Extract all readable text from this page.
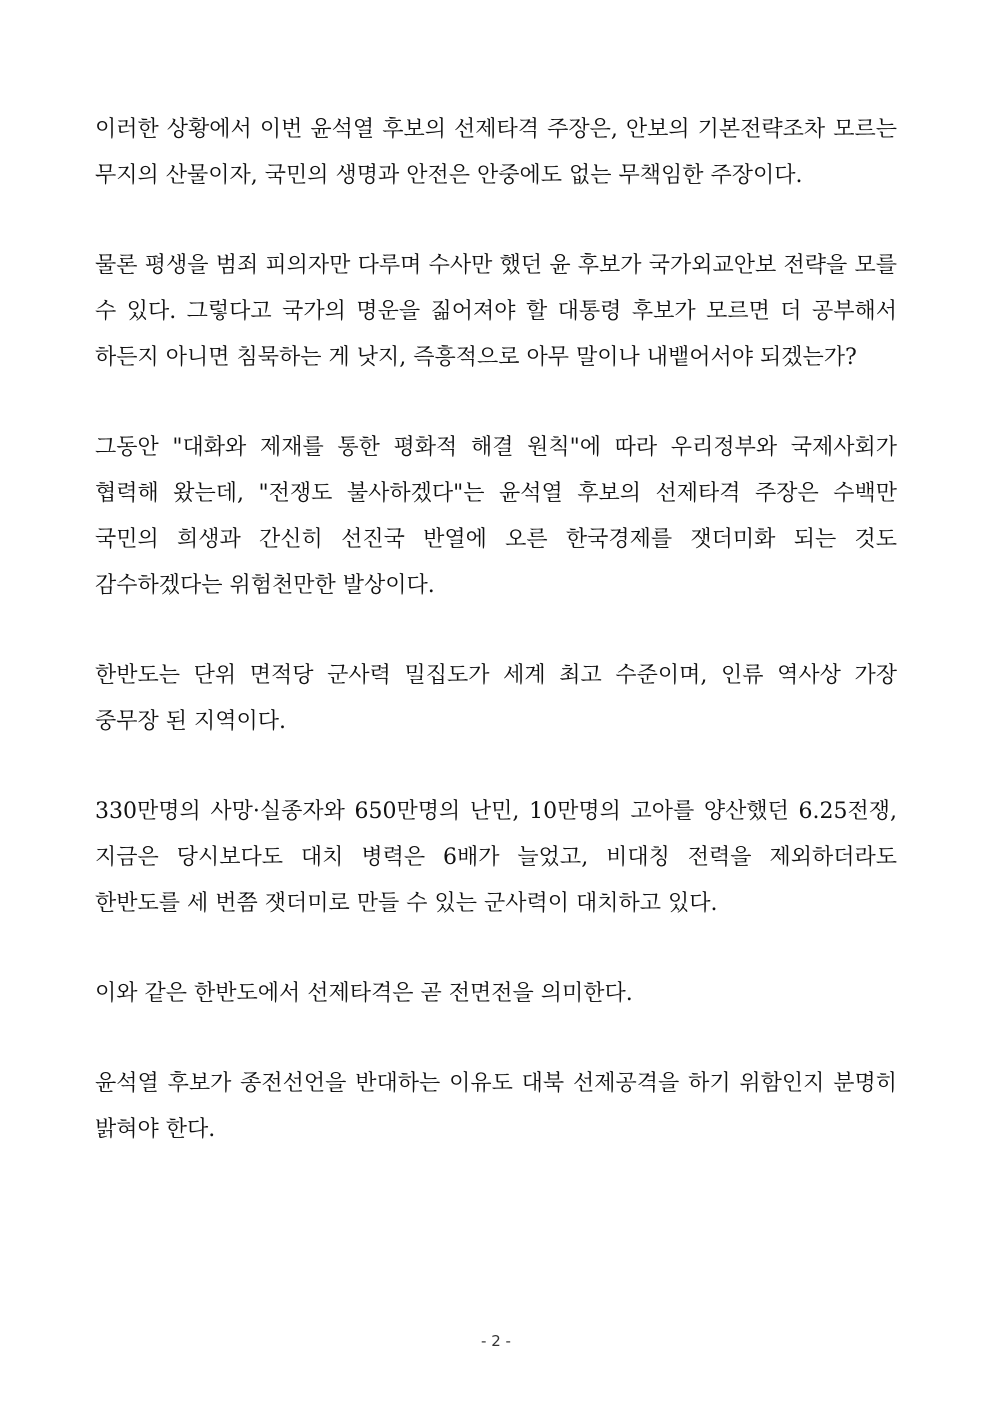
이러한 상황에서 이번 윤석열 후보의 선제타격 주장은, 안보의 기본전략조차 모르는 무지의 산물이자, 국민의 생명과 안전은 안중에도 없는 무책임한 주장이다.

물론 평생을 범죄 피의자만 다루며 수사만 했던 윤 후보가 국가외교안보 전략을 모를 수 있다. 그렇다고 국가의 명운을 짊어져야 할 대통령 후보가 모르면 더 공부해서 하든지 아니면 침묵하는 게 낫지, 즉흥적으로 아무 말이나 내뱉어서야 되겠는가?

그동안 "대화와 제재를 통한 평화적 해결 원칙"에 따라 우리정부와 국제사회가 협력해 왔는데, "전쟁도 불사하겠다"는 윤석열 후보의 선제타격 주장은 수백만 국민의 희생과 간신히 선진국 반열에 오른 한국경제를 잿더미화 되는 것도 감수하겠다는 위험천만한 발상이다.

한반도는 단위 면적당 군사력 밀집도가 세계 최고 수준이며, 인류 역사상 가장 중무장 된 지역이다.

330만명의 사망·실종자와 650만명의 난민, 10만명의 고아를 양산했던 6.25전쟁, 지금은 당시보다도 대치 병력은 6배가 늘었고, 비대칭 전력을 제외하더라도 한반도를 세 번쯤 잿더미로 만들 수 있는 군사력이 대치하고 있다.

이와 같은 한반도에서 선제타격은 곧 전면전을 의미한다.

윤석열 후보가 종전선언을 반대하는 이유도 대북 선제공격을 하기 위함인지 분명히 밝혀야 한다.

- 2 -
